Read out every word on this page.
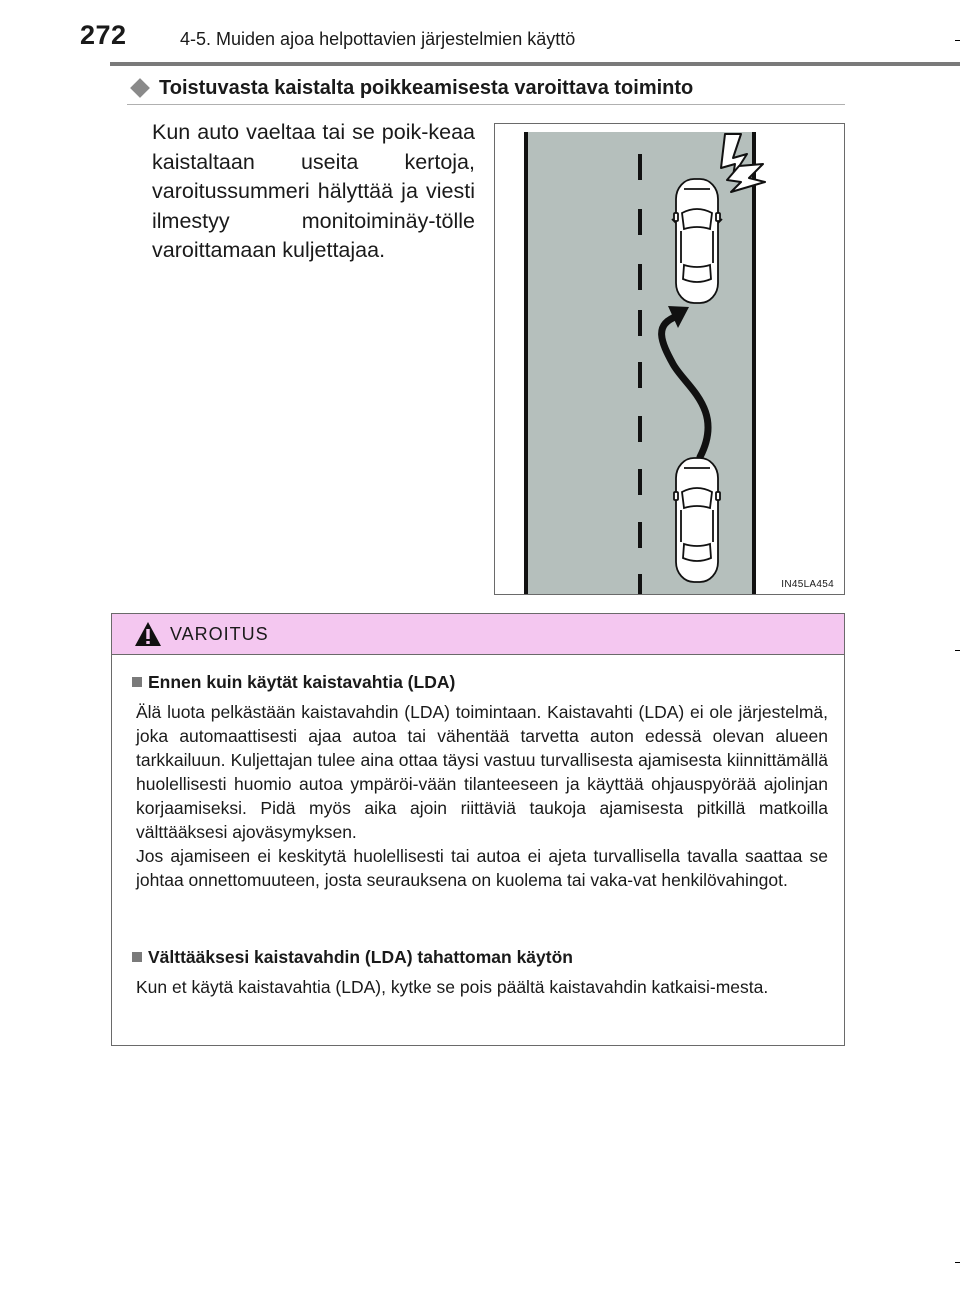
272	4-5. Muiden ajoa helpottavien järjestelmien käyttö
Toistuvasta kaistalta poikkeamisesta varoittava toiminto
Kun auto vaeltaa tai se poik-keaa kaistaltaan useita kertoja, varoitussummeri hälyttää ja viesti ilmestyy monitoiminäy-tölle varoittamaan kuljettajaa.
IN45LA454
VAROITUS
Ennen kuin käytät kaistavahtia (LDA)

Älä luota pelkästään kaistavahdin (LDA) toimintaan. Kaistavahti (LDA) ei ole järjestelmä, joka automaattisesti ajaa autoa tai vähentää tarvetta auton edessä olevan alueen tarkkailuun. Kuljettajan tulee aina ottaa täysi vastuu turvallisesta ajamisesta kiinnittämällä huolellisesti huomio autoa ympäröi-vään tilanteeseen ja käyttää ohjauspyörää ajolinjan korjaamiseksi. Pidä myös aika ajoin riittäviä taukoja ajamisesta pitkillä matkoilla välttääksesi ajoväsymyksen.

Jos ajamiseen ei keskitytä huolellisesti tai autoa ei ajeta turvallisella tavalla saattaa se johtaa onnettomuuteen, josta seurauksena on kuolema tai vaka-vat henkilövahingot.

Välttääksesi kaistavahdin (LDA) tahattoman käytön

Kun et käytä kaistavahtia (LDA), kytke se pois päältä kaistavahdin katkaisi-mesta.
